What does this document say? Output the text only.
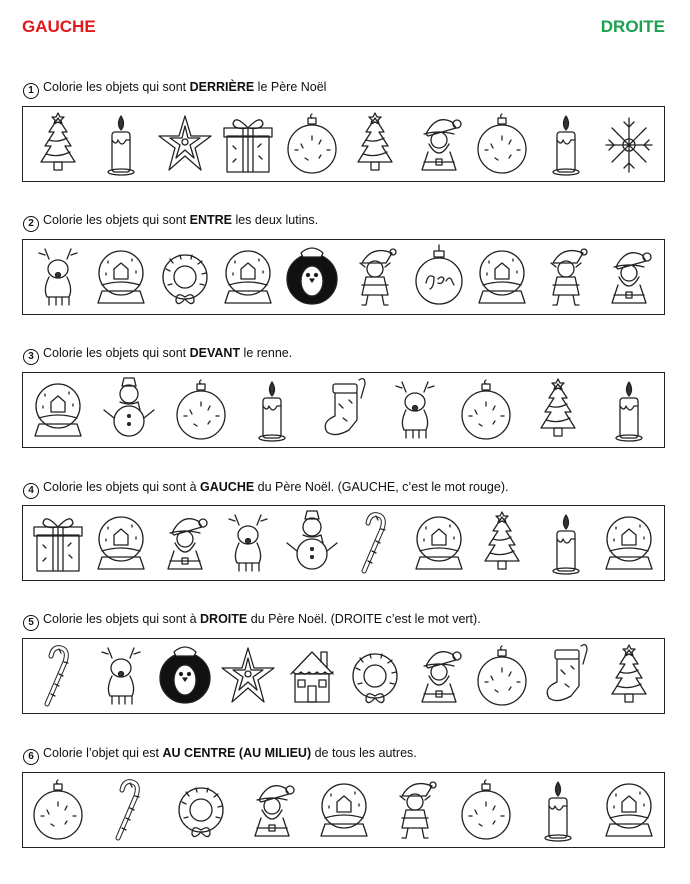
GAUCHE	DROITE
1 Colorie les objets qui sont DERRIÈRE le Père Noël
2 Colorie les objets qui sont ENTRE les deux lutins.
3 Colorie les objets qui sont DEVANT le renne.
4 Colorie les objets qui sont à GAUCHE du Père Noël. (GAUCHE, c’est le mot rouge).
5 Colorie les objets qui sont à DROITE du Père Noël. (DROITE c’est le mot vert).
6 Colorie l’objet qui est AU CENTRE (AU MILIEU) de tous les autres.
